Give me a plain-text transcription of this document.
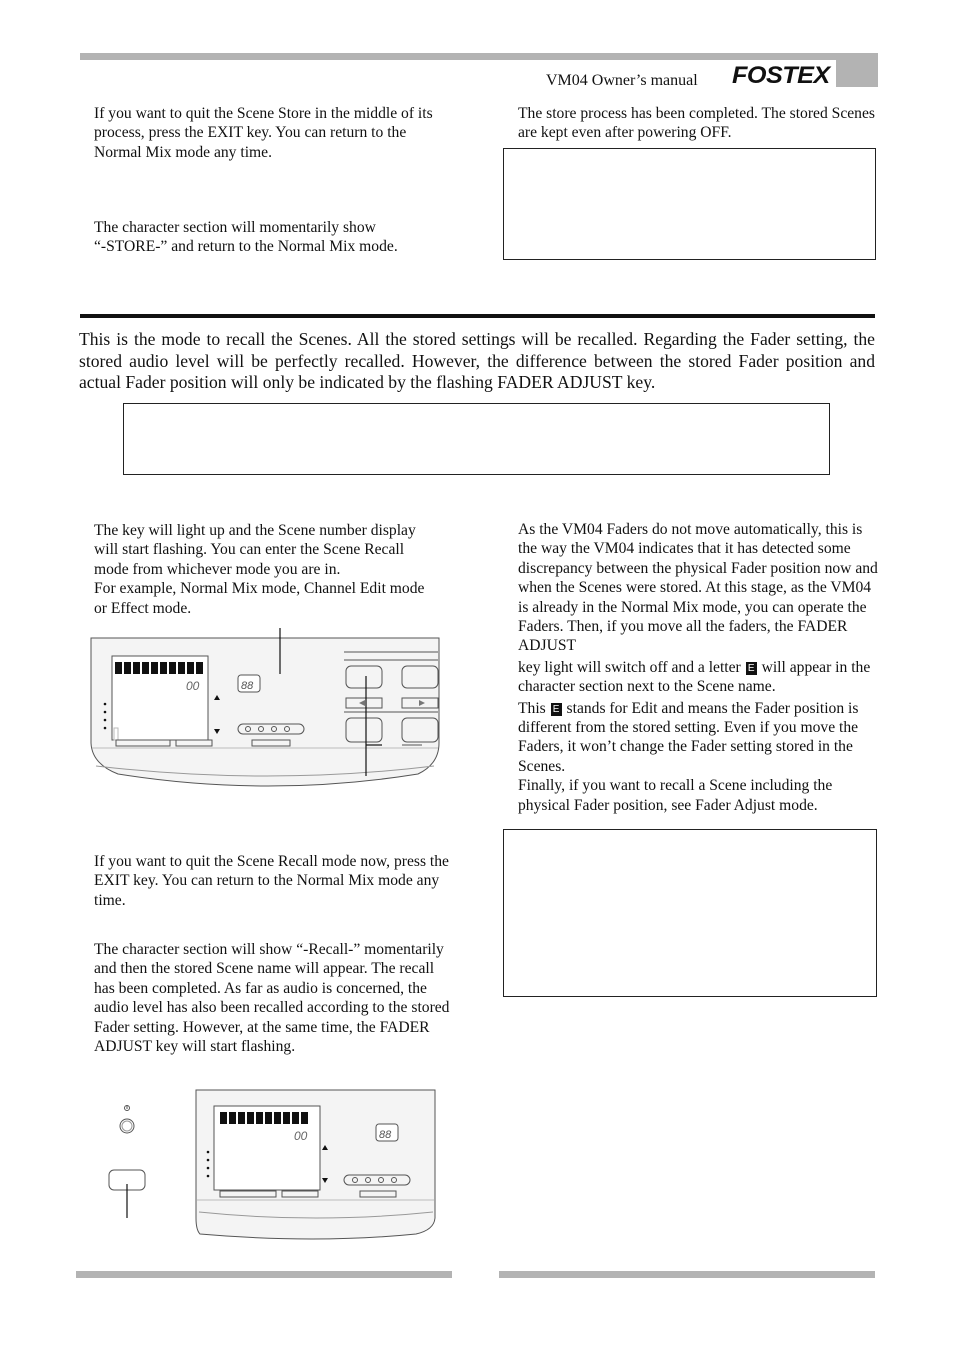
VM04 Owner’s manual FOSTEX
If you want to quit the Scene Store in the middle of its process, press the EXIT key. You can return to the Normal Mix mode any time.
The character section will momentarily show
“-STORE-” and return to the Normal Mix mode.
The store process has been completed. The stored Scenes are kept even after powering OFF.
This is the mode to recall the Scenes. All the stored settings will be recalled. Regarding the Fader setting, the stored audio level will be perfectly recalled. However, the difference between the stored Fader position and actual Fader position will only be indicated by the flashing FADER ADJUST key.
The key will light up and the Scene number display
will start flashing. You can enter the Scene Recall
mode from whichever mode you are in.
For example, Normal Mix mode, Channel Edit mode
or Effect mode.
00	88
If you want to quit the Scene Recall mode now, press the EXIT key. You can return to the Normal Mix mode any time.
The character section will show “-Recall-” momentarily and then the stored Scene name will appear. The recall has been completed. As far as audio is concerned, the audio level has also been recalled according to the stored Fader setting. However, at the same time, the FADER ADJUST key will start flashing.
00	88
As the VM04 Faders do not move automatically, this is the way the VM04 indicates that it has detected some discrepancy between the physical Fader position now and when the Scenes were stored. At this stage, as the VM04 is already in the Normal Mix mode, you can operate the Faders. Then, if you move all the faders, the FADER ADJUST
key light will switch off and a letter E will appear in the character section next to the Scene name.
This E stands for Edit and means the Fader position is different from the stored setting. Even if you move the Faders, it won’t change the Fader setting stored in the Scenes.
Finally, if you want to recall a Scene including the physical Fader position, see Fader Adjust mode.
